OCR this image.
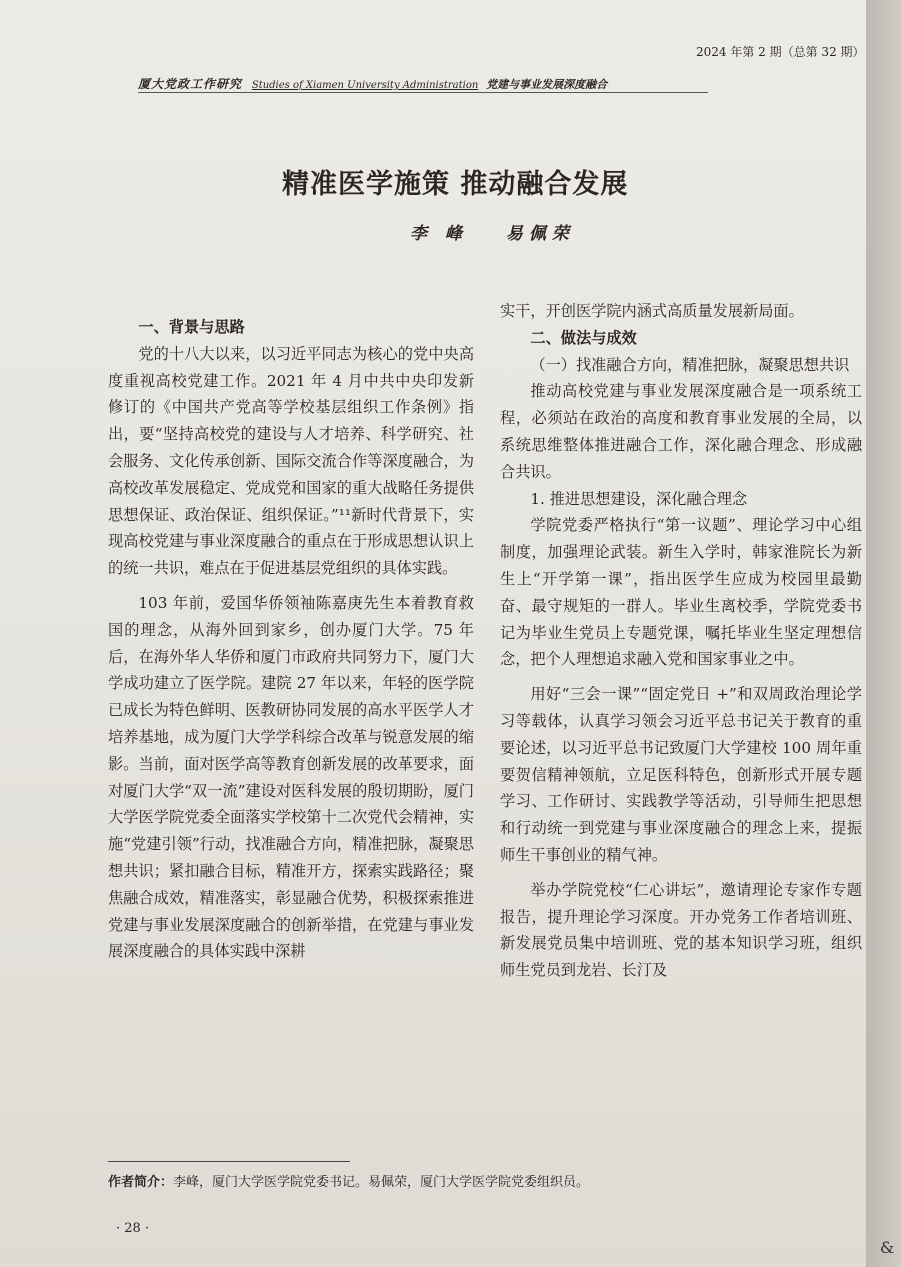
2024 年第 2 期（总第 32 期）
厦大党政工作研究 Studies of Xiamen University Administration 党建与事业发展深度融合
精准医学施策 推动融合发展
李 峰 易佩荣

一、背景与思路

党的十八大以来，以习近平同志为核心的党中央高度重视高校党建工作。2021 年 4 月中共中央印发新修订的《中国共产党高等学校基层组织工作条例》指出，要“坚持高校党的建设与人才培养、科学研究、社会服务、文化传承创新、国际交流合作等深度融合，为高校改革发展稳定、党成党和国家的重大战略任务提供思想保证、政治保证、组织保证。”¹¹新时代背景下，实现高校党建与事业深度融合的重点在于形成思想认识上的统一共识，难点在于促进基层党组织的具体实践。

103 年前，爱国华侨领袖陈嘉庚先生本着教育救国的理念，从海外回到家乡，创办厦门大学。75 年后，在海外华人华侨和厦门市政府共同努力下，厦门大学成功建立了医学院。建院 27 年以来，年轻的医学院已成长为特色鲜明、医教研协同发展的高水平医学人才培养基地，成为厦门大学学科综合改革与锐意发展的缩影。当前，面对医学高等教育创新发展的改革要求，面对厦门大学“双一流”建设对医科发展的殷切期盼，厦门大学医学院党委全面落实学校第十二次党代会精神，实施“党建引领”行动，找准融合方向，精准把脉，凝聚思想共识；紧扣融合目标，精准开方，探索实践路径；聚焦融合成效，精准落实，彰显融合优势，积极探索推进党建与事业发展深度融合的创新举措，在党建与事业发展深度融合的具体实践中深耕

实干，开创医学院内涵式高质量发展新局面。

二、做法与成效

（一）找准融合方向，精准把脉，凝聚思想共识

推动高校党建与事业发展深度融合是一项系统工程，必须站在政治的高度和教育事业发展的全局，以系统思维整体推进融合工作，深化融合理念、形成融合共识。

1. 推进思想建设，深化融合理念

学院党委严格执行“第一议题”、理论学习中心组制度，加强理论武装。新生入学时，韩家淮院长为新生上“开学第一课”，指出医学生应成为校园里最勤奋、最守规矩的一群人。毕业生离校季，学院党委书记为毕业生党员上专题党课，嘱托毕业生坚定理想信念，把个人理想追求融入党和国家事业之中。

用好“三会一课”“固定党日 +”和双周政治理论学习等载体，认真学习领会习近平总书记关于教育的重要论述，以习近平总书记致厦门大学建校 100 周年重要贺信精神领航，立足医科特色，创新形式开展专题学习、工作研讨、实践教学等活动，引导师生把思想和行动统一到党建与事业深度融合的理念上来，提振师生干事创业的精气神。

举办学院党校“仁心讲坛”，邀请理论专家作专题报告，提升理论学习深度。开办党务工作者培训班、新发展党员集中培训班、党的基本知识学习班，组织师生党员到龙岩、长汀及

作者简介：李峰，厦门大学医学院党委书记。易佩荣，厦门大学医学院党委组织员。
· 28 ·
&
